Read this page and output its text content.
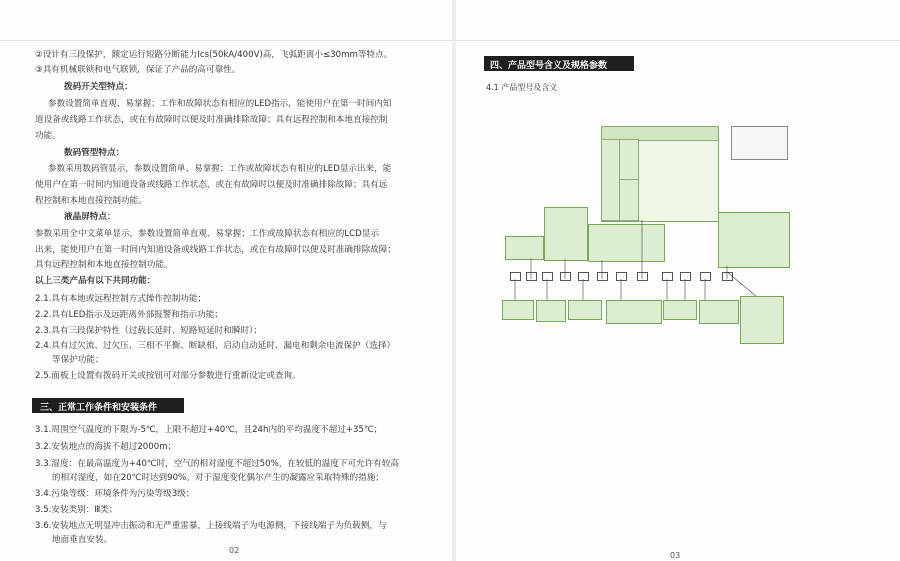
②设计有三段保护，额定运行短路分断能力Ics(50kA/400V)高，飞弧距离小≤30mm等特点。
③具有机械联锁和电气联锁，保证了产品的高可靠性。
拨码开关型特点：
参数设置简单直观、易掌握；工作和故障状态有相应的LED指示，能使用户在第一时间内知
道设备或线路工作状态，或在有故障时以便及时准确排除故障；具有远程控制和本地直接控制
功能。
数码管型特点：
参数采用数码管显示，参数设置简单、易掌握；工作或故障状态有相应的LED显示出来，能
使用户在第一时间内知道设备或线路工作状态，或在有故障时以便及时准确排除故障；具有远
程控制和本地直接控制功能。
液晶屏特点：
参数采用全中文菜单显示，参数设置简单直观、易掌握；工作或故障状态有相应的LCD显示
出来，能使用户在第一时间内知道设备或线路工作状态，或在有故障时以便及时准确排除故障；
具有远程控制和本地直接控制功能。
以上三类产品有以下共同功能：
2.1.具有本地或远程控制方式操作控制功能；
2.2.具有LED指示及远距离外部报警和指示功能；
2.3.具有三段保护特性（过载长延时、短路短延时和瞬时）；
2.4.具有过欠流、过欠压、三相不平衡、断缺相、启动自动延时、漏电和剩余电流保护（选择）
等保护功能；
2.5.面板上设置有拨码开关或按钮可对部分参数进行重新设定或查询。
三、正常工作条件和安装条件
3.1.周围空气温度的下限为-5℃，上限不超过+40℃，且24h内的平均温度不超过+35℃；
3.2.安装地点的海拔不超过2000m；
3.3.湿度：在最高温度为+40℃时，空气的相对湿度不超过50%，在较低的温度下可允许有较高
的相对湿度，如在20℃时达到90%。对于湿度变化偶尔产生的凝露应采取特殊的措施；
3.4.污染等级：环境条件为污染等级3级；
3.5.安装类别：Ⅲ类；
3.6.安装地点无明显冲击振动和无严重雷暴，上接线端子为电源侧，下接线端子为负载侧，与
地面垂直安装。
02
四、产品型号含义及规格参数
4.1 产品型号及含义
03
